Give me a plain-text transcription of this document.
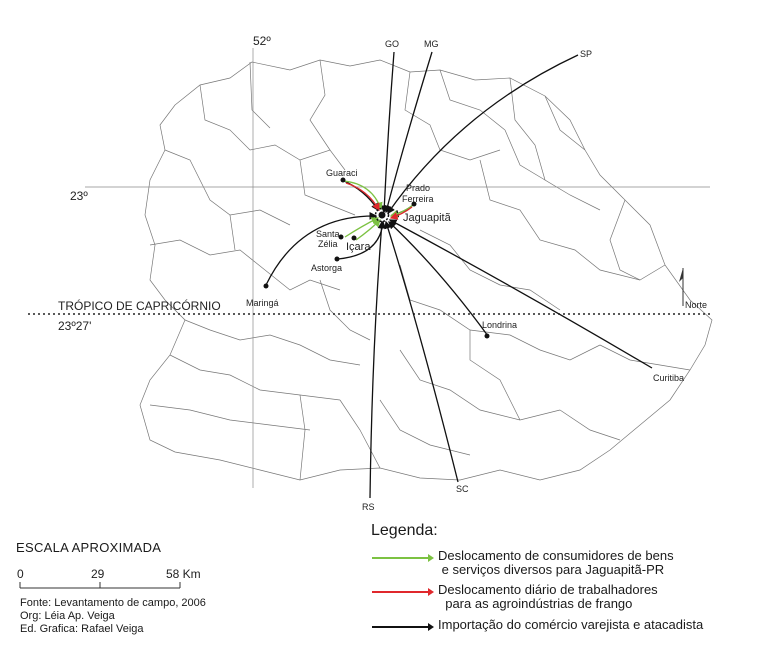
52º
23º
TRÓPICO DE CAPRICÓRNIO
23º27'
GO	MG
SP
RS
SC
Curitiba
Londrina
Maringá
Guaraci
Prado
Ferreira
Jaguapitã
Santa
Zélia Içara
Astorga
Norte
0	29	58 Km
ESCALA APROXIMADA
Legenda:
Deslocamento de consumidores de bens
e serviços diversos para Jaguapitã-PR
Deslocamento diário de trabalhadores
para as agroindústrias de frango
Importação do comércio varejista e atacadista
Fonte: Levantamento de campo, 2006
Org: Léia Ap. Veiga
Ed. Grafica: Rafael Veiga
